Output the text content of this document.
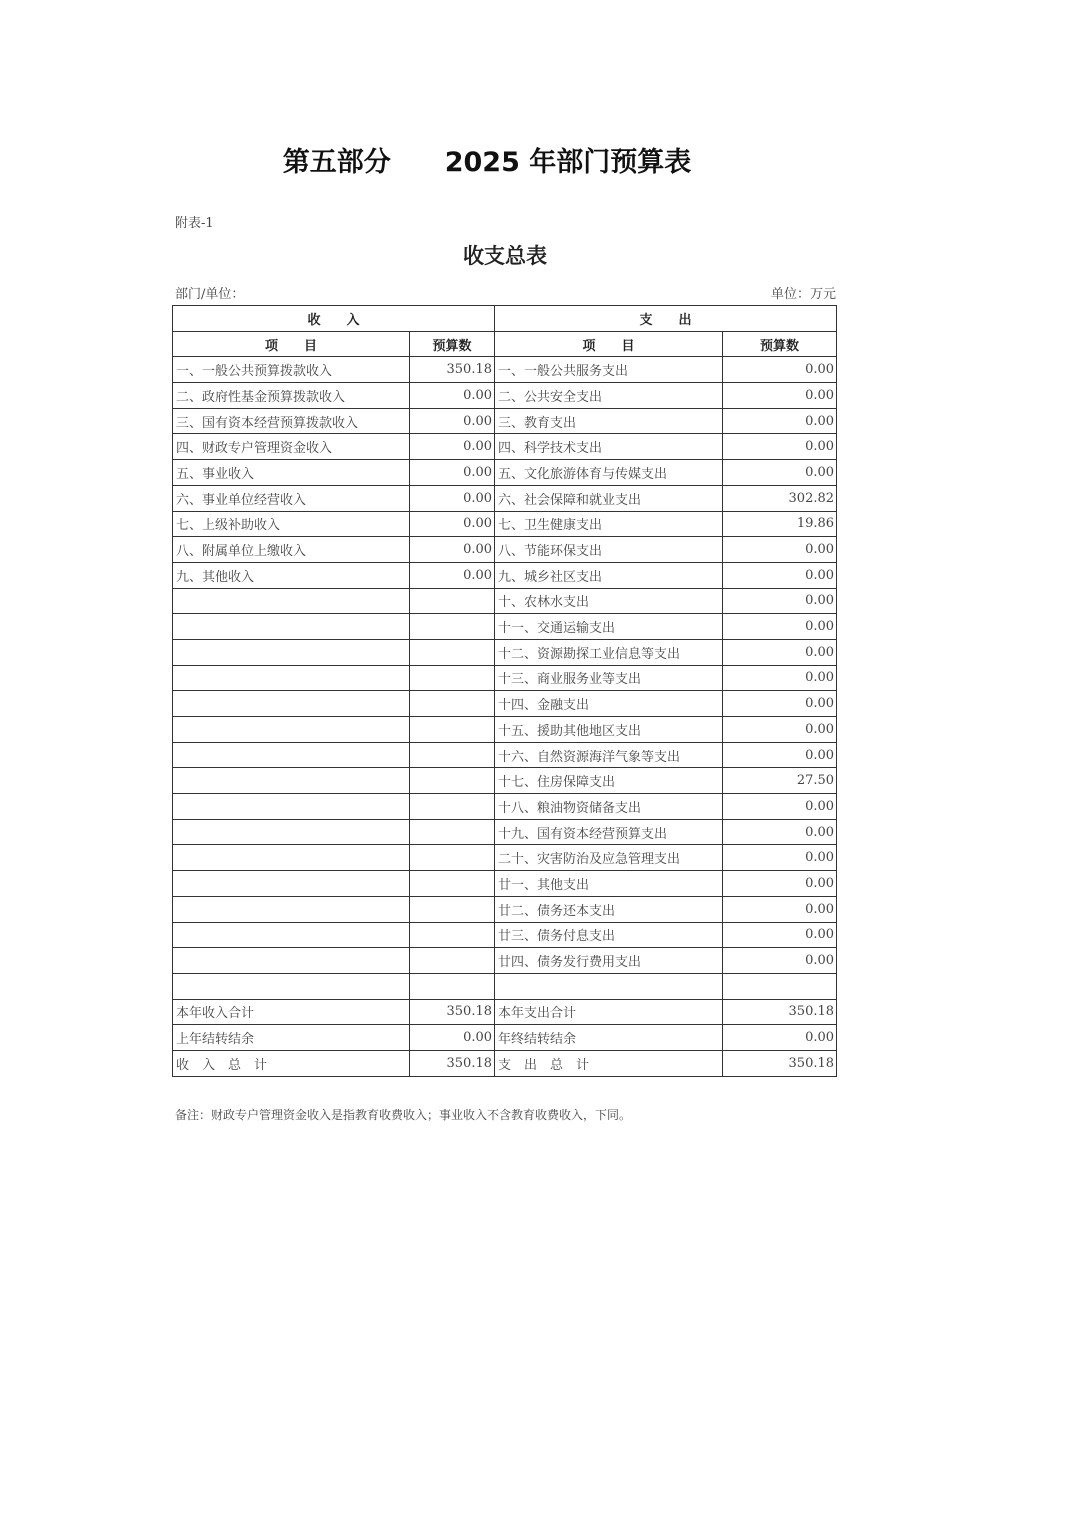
第五部分　　2025 年部门预算表
附表-1
收支总表
部门/单位：	单位：万元
收　　入		支　　出	
项　　目	预算数	项　　目	预算数
一、一般公共预算拨款收入	350.18	一、一般公共服务支出	0.00
二、政府性基金预算拨款收入	0.00	二、公共安全支出	0.00
三、国有资本经营预算拨款收入	0.00	三、教育支出	0.00
四、财政专户管理资金收入	0.00	四、科学技术支出	0.00
五、事业收入	0.00	五、文化旅游体育与传媒支出	0.00
六、事业单位经营收入	0.00	六、社会保障和就业支出	302.82
七、上级补助收入	0.00	七、卫生健康支出	19.86
八、附属单位上缴收入	0.00	八、节能环保支出	0.00
九、其他收入	0.00	九、城乡社区支出	0.00
		十、农林水支出	0.00
		十一、交通运输支出	0.00
		十二、资源勘探工业信息等支出	0.00
		十三、商业服务业等支出	0.00
		十四、金融支出	0.00
		十五、援助其他地区支出	0.00
		十六、自然资源海洋气象等支出	0.00
		十七、住房保障支出	27.50
		十八、粮油物资储备支出	0.00
		十九、国有资本经营预算支出	0.00
		二十、灾害防治及应急管理支出	0.00
		廿一、其他支出	0.00
		廿二、债务还本支出	0.00
		廿三、债务付息支出	0.00
		廿四、债务发行费用支出	0.00

本年收入合计	350.18	本年支出合计	350.18
上年结转结余	0.00	年终结转结余	0.00
收　入　总　计	350.18	支　出　总　计	350.18
备注：财政专户管理资金收入是指教育收费收入；事业收入不含教育收费收入，下同。
